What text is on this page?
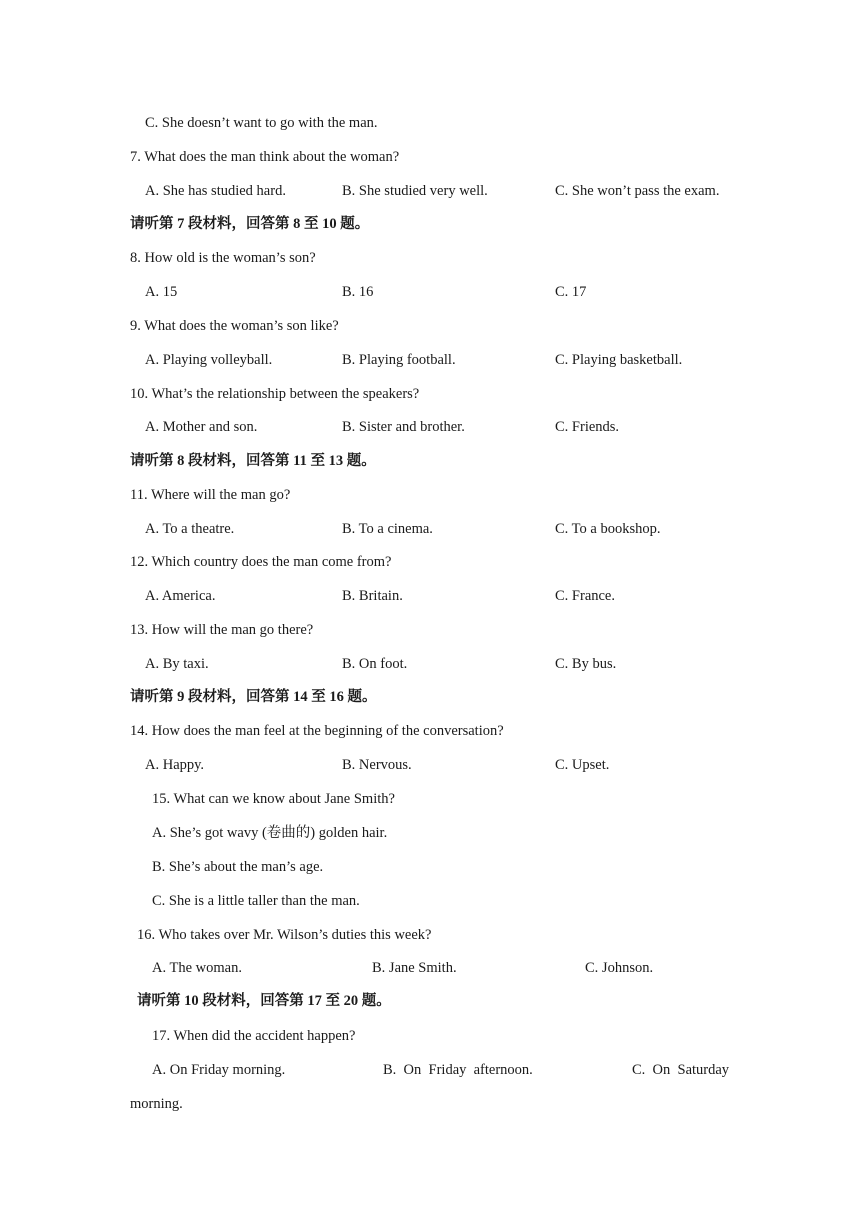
C. She doesn’t want to go with the man.
7. What does the man think about the woman?
A. She has studied hard.	B. She studied very well.	C. She won’t pass the exam.
请听第 7 段材料，回答第 8 至 10 题。
8. How old is the woman’s son?
A. 15	B. 16	C. 17
9. What does the woman’s son like?
A. Playing volleyball.	B. Playing football.	C. Playing basketball.
10. What’s the relationship between the speakers?
A. Mother and son.	B. Sister and brother.	C. Friends.
请听第 8 段材料，回答第 11 至 13 题。
11. Where will the man go?
A. To a theatre.	B. To a cinema.	C. To a bookshop.
12. Which country does the man come from?
A. America.	B. Britain.	C. France.
13. How will the man go there?
A. By taxi.	B. On foot.	C. By bus.
请听第 9 段材料，回答第 14 至 16 题。
14. How does the man feel at the beginning of the conversation?
A. Happy.	B. Nervous.	C. Upset.
15. What can we know about Jane Smith?
A. She’s got wavy (卷曲的) golden hair.
B. She’s about the man’s age.
C. She is a little taller than the man.
16. Who takes over Mr. Wilson’s duties this week?
A. The woman.	B. Jane Smith.	C. Johnson.
请听第 10 段材料，回答第 17 至 20 题。
17. When did the accident happen?
A. On Friday morning.	B.  On  Friday  afternoon.	C.  On  Saturday
morning.
